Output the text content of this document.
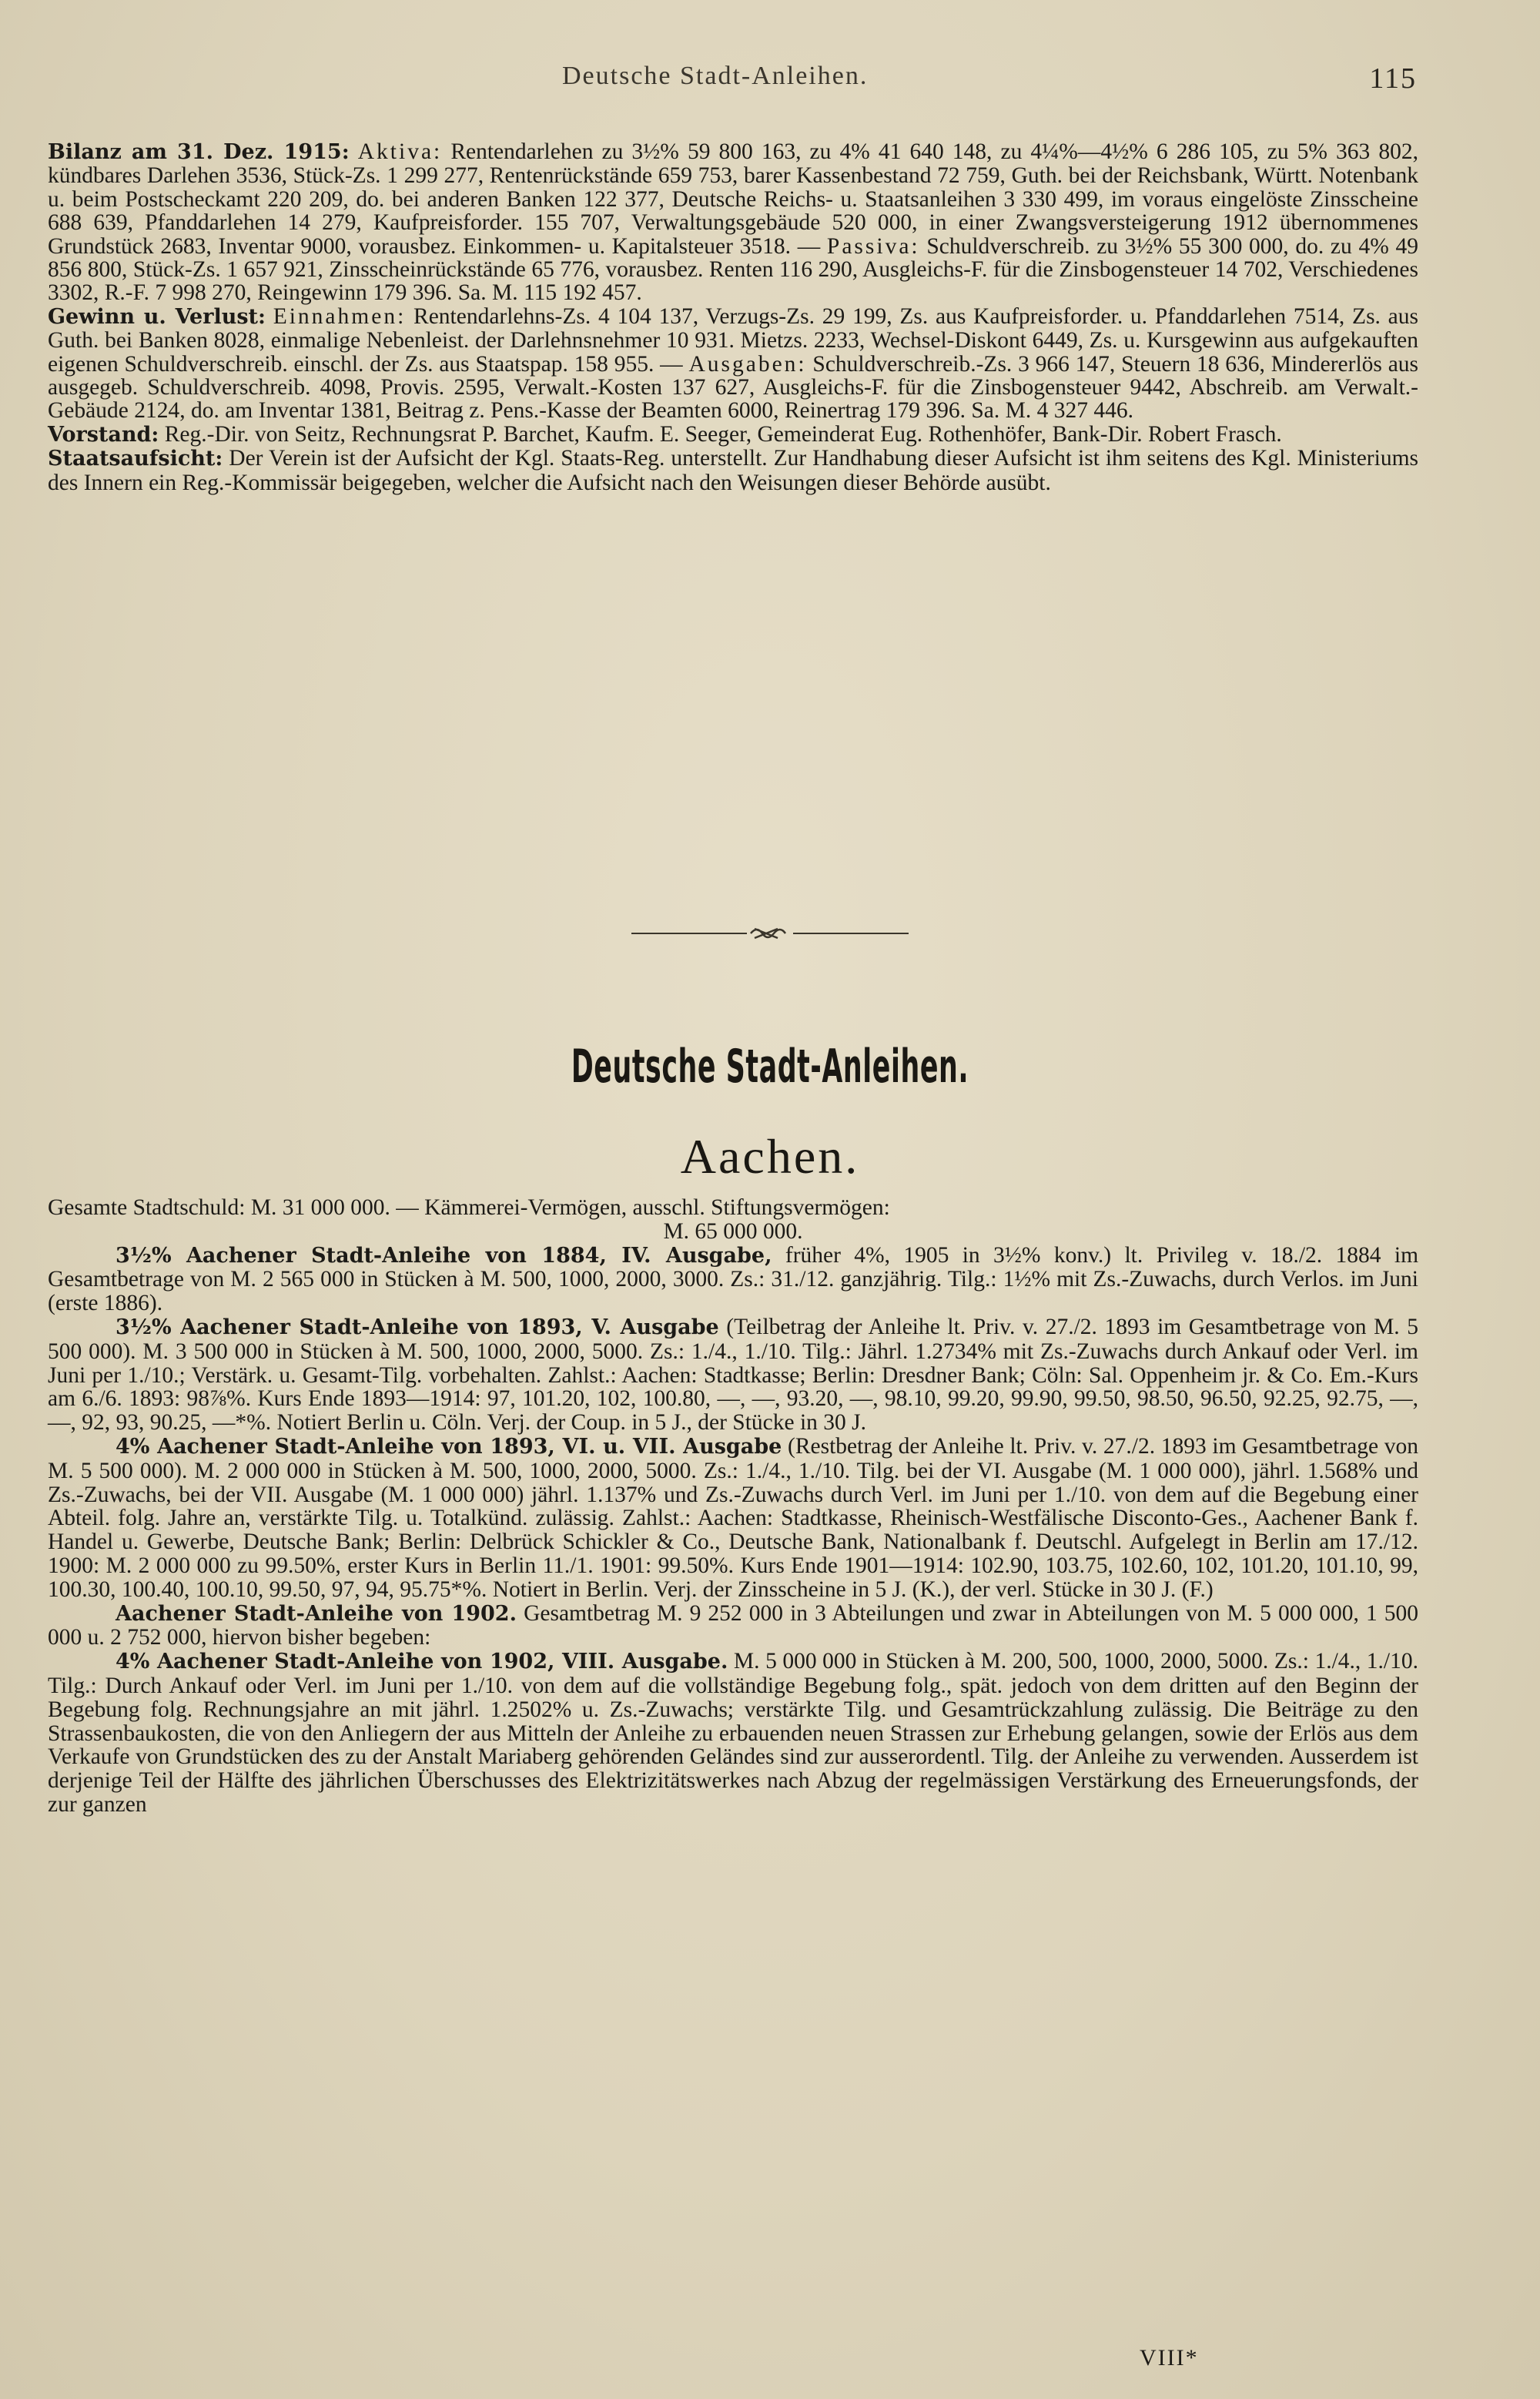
Deutsche Stadt-Anleihen.	115

Bilanz am 31. Dez. 1915: Aktiva: Rentendarlehen zu 3½% 59 800 163, zu 4% 41 640 148, zu 4¼%—4½% 6 286 105, zu 5% 363 802, kündbares Darlehen 3536, Stück-Zs. 1 299 277, Rentenrückstände 659 753, barer Kassenbestand 72 759, Guth. bei der Reichsbank, Württ. Notenbank u. beim Postscheckamt 220 209, do. bei anderen Banken 122 377, Deutsche Reichs- u. Staatsanleihen 3 330 499, im voraus eingelöste Zinsscheine 688 639, Pfanddarlehen 14 279, Kaufpreisforder. 155 707, Verwaltungsgebäude 520 000, in einer Zwangsversteigerung 1912 übernommenes Grundstück 2683, Inventar 9000, vorausbez. Einkommen- u. Kapitalsteuer 3518. — Passiva: Schuldverschreib. zu 3½% 55 300 000, do. zu 4% 49 856 800, Stück-Zs. 1 657 921, Zinsscheinrückstände 65 776, vorausbez. Renten 116 290, Ausgleichs-F. für die Zinsbogensteuer 14 702, Verschiedenes 3302, R.-F. 7 998 270, Reingewinn 179 396. Sa. M. 115 192 457.

Gewinn u. Verlust: Einnahmen: Rentendarlehns-Zs. 4 104 137, Verzugs-Zs. 29 199, Zs. aus Kaufpreisforder. u. Pfanddarlehen 7514, Zs. aus Guth. bei Banken 8028, einmalige Nebenleist. der Darlehnsnehmer 10 931. Mietzs. 2233, Wechsel-Diskont 6449, Zs. u. Kursgewinn aus aufgekauften eigenen Schuldverschreib. einschl. der Zs. aus Staatspap. 158 955. — Ausgaben: Schuldverschreib.-Zs. 3 966 147, Steuern 18 636, Mindererlös aus ausgegeb. Schuldverschreib. 4098, Provis. 2595, Verwalt.-Kosten 137 627, Ausgleichs-F. für die Zinsbogensteuer 9442, Abschreib. am Verwalt.-Gebäude 2124, do. am Inventar 1381, Beitrag z. Pens.-Kasse der Beamten 6000, Reinertrag 179 396. Sa. M. 4 327 446.

Vorstand: Reg.-Dir. von Seitz, Rechnungsrat P. Barchet, Kaufm. E. Seeger, Gemeinderat Eug. Rothenhöfer, Bank-Dir. Robert Frasch.

Staatsaufsicht: Der Verein ist der Aufsicht der Kgl. Staats-Reg. unterstellt. Zur Handhabung dieser Aufsicht ist ihm seitens des Kgl. Ministeriums des Innern ein Reg.-Kommissär beigegeben, welcher die Aufsicht nach den Weisungen dieser Behörde ausübt.

Deutsche Stadt-Anleihen.
Aachen.

Gesamte Stadtschuld: M. 31 000 000. — Kämmerei-Vermögen, ausschl. Stiftungsvermögen:

M. 65 000 000.

3½% Aachener Stadt-Anleihe von 1884, IV. Ausgabe, früher 4%, 1905 in 3½% konv.) lt. Privileg v. 18./2. 1884 im Gesamtbetrage von M. 2 565 000 in Stücken à M. 500, 1000, 2000, 3000. Zs.: 31./12. ganzjährig. Tilg.: 1½% mit Zs.-Zuwachs, durch Verlos. im Juni (erste 1886).

3½% Aachener Stadt-Anleihe von 1893, V. Ausgabe (Teilbetrag der Anleihe lt. Priv. v. 27./2. 1893 im Gesamtbetrage von M. 5 500 000). M. 3 500 000 in Stücken à M. 500, 1000, 2000, 5000. Zs.: 1./4., 1./10. Tilg.: Jährl. 1.2734% mit Zs.-Zuwachs durch Ankauf oder Verl. im Juni per 1./10.; Verstärk. u. Gesamt-Tilg. vorbehalten. Zahlst.: Aachen: Stadtkasse; Berlin: Dresdner Bank; Cöln: Sal. Oppenheim jr. & Co. Em.-Kurs am 6./6. 1893: 98⅞%. Kurs Ende 1893—1914: 97, 101.20, 102, 100.80, —, —, 93.20, —, 98.10, 99.20, 99.90, 99.50, 98.50, 96.50, 92.25, 92.75, —, —, 92, 93, 90.25, —*%. Notiert Berlin u. Cöln. Verj. der Coup. in 5 J., der Stücke in 30 J.

4% Aachener Stadt-Anleihe von 1893, VI. u. VII. Ausgabe (Restbetrag der Anleihe lt. Priv. v. 27./2. 1893 im Gesamtbetrage von M. 5 500 000). M. 2 000 000 in Stücken à M. 500, 1000, 2000, 5000. Zs.: 1./4., 1./10. Tilg. bei der VI. Ausgabe (M. 1 000 000), jährl. 1.568% und Zs.-Zuwachs, bei der VII. Ausgabe (M. 1 000 000) jährl. 1.137% und Zs.-Zuwachs durch Verl. im Juni per 1./10. von dem auf die Begebung einer Abteil. folg. Jahre an, verstärkte Tilg. u. Totalkünd. zulässig. Zahlst.: Aachen: Stadtkasse, Rheinisch-Westfälische Disconto-Ges., Aachener Bank f. Handel u. Gewerbe, Deutsche Bank; Berlin: Delbrück Schickler & Co., Deutsche Bank, Nationalbank f. Deutschl. Aufgelegt in Berlin am 17./12. 1900: M. 2 000 000 zu 99.50%, erster Kurs in Berlin 11./1. 1901: 99.50%. Kurs Ende 1901—1914: 102.90, 103.75, 102.60, 102, 101.20, 101.10, 99, 100.30, 100.40, 100.10, 99.50, 97, 94, 95.75*%. Notiert in Berlin. Verj. der Zinsscheine in 5 J. (K.), der verl. Stücke in 30 J. (F.)

Aachener Stadt-Anleihe von 1902. Gesamtbetrag M. 9 252 000 in 3 Abteilungen und zwar in Abteilungen von M. 5 000 000, 1 500 000 u. 2 752 000, hiervon bisher begeben:

4% Aachener Stadt-Anleihe von 1902, VIII. Ausgabe. M. 5 000 000 in Stücken à M. 200, 500, 1000, 2000, 5000. Zs.: 1./4., 1./10. Tilg.: Durch Ankauf oder Verl. im Juni per 1./10. von dem auf die vollständige Begebung folg., spät. jedoch von dem dritten auf den Beginn der Begebung folg. Rechnungsjahre an mit jährl. 1.2502% u. Zs.-Zuwachs; verstärkte Tilg. und Gesamtrückzahlung zulässig. Die Beiträge zu den Strassenbaukosten, die von den Anliegern der aus Mitteln der Anleihe zu erbauenden neuen Strassen zur Erhebung gelangen, sowie der Erlös aus dem Verkaufe von Grundstücken des zu der Anstalt Mariaberg gehörenden Geländes sind zur ausserordentl. Tilg. der Anleihe zu verwenden. Ausserdem ist derjenige Teil der Hälfte des jährlichen Überschusses des Elektrizitätswerkes nach Abzug der regelmässigen Verstärkung des Erneuerungsfonds, der zur ganzen

VIII*
